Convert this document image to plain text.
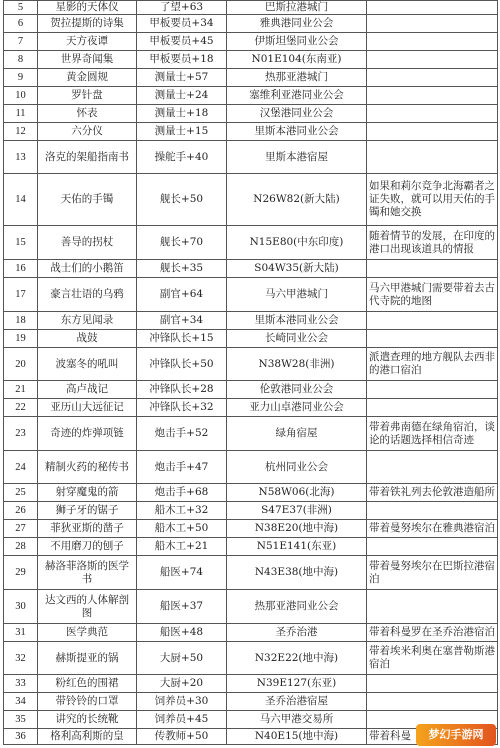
5	星影的天体仪	了望+63	巴斯拉港城门	
6	贺拉提斯的诗集	甲板要员+34	雅典港同业公会	
7	天方夜谭	甲板要员+45	伊斯坦堡同业公会	
8	世界奇闻集	甲板要员+18	N01E104(东南亚)	
9	黄金圆规	测量士+57	热那亚港城门	
10	罗针盘	测量士+24	塞维利亚港同业公会	
11	怀表	测量士+18	汉堡港同业公会	
12	六分仪	测量士+15	里斯本港同业公会	
13	洛克的架船指南书	操舵手+40	里斯本港宿屋	
14	天佑的手镯	舰长+50	N26W82(新大陆)	如果和莉尔竞争北海霸者之证失败，就可以用天佑的手镯和她交换
15	善导的拐杖	舰长+70	N15E80(中东印度)	随着情节的发展，在印度的港口出现该道具的情报
16	战士们的小鹅笛	舰长+35	S04W35(新大陆)	
17	豪言壮语的乌鸦	副官+64	马六甲港城门	马六甲港城门需要带着去古代寺院的地图
18	东方见闻录	副官+34	里斯本港同业公会	
19	战鼓	冲锋队长+15	长崎同业公会	
20	波塞冬的吼叫	冲锋队长+50	N38W28(非洲)	派遣查理的地方舰队去西非的港口宿泊
21	高卢战记	冲锋队长+28	伦敦港同业公会	
22	亚历山大远征记	冲锋队长+32	亚力山卓港同业公会	
23	奇迹的炸弹项链	炮击手+52	绿角宿屋	带着弗南德在绿角宿泊，谈论的话题选择相信奇迹
24	精制火药的秘传书	炮击手+47	杭州同业公会	
25	射穿魔鬼的箭	炮击手+68	N58W06(北海)	带着铁礼列去伦敦港造船所
26	狮子牙的锯子	船木工+32	S47E37(非洲)	
27	菲狄亚斯的凿子	船木工+50	N38E20(地中海)	带着曼努埃尔在雅典港宿泊
28	不用磨刀的刨子	船木工+21	N51E141(东亚)	
29	赫洛菲洛斯的医学书	船医+74	N43E38(地中海)	带着曼努埃尔在巴斯拉港宿泊
30	达文西的人体解剖图	船医+37	热那亚港同业公会	
31	医学典范	船医+48	圣乔治港	带着科曼罗在圣乔治港宿泊
32	赫斯提亚的锅	大厨+50	N32E22(地中海)	带着埃米利奥在塞普勒斯港宿泊
33	粉红色的围裙	大厨+20	N39E127(东亚)	
34	带铃铃的口罩	饲养员+30	圣乔治港宿屋	
35	讲究的长统靴	饲养员+45	马六甲港交易所	
36	格利高利斯的皇	传教师+50	N40E15(地中海)	带着科曼	梦幻手游网
